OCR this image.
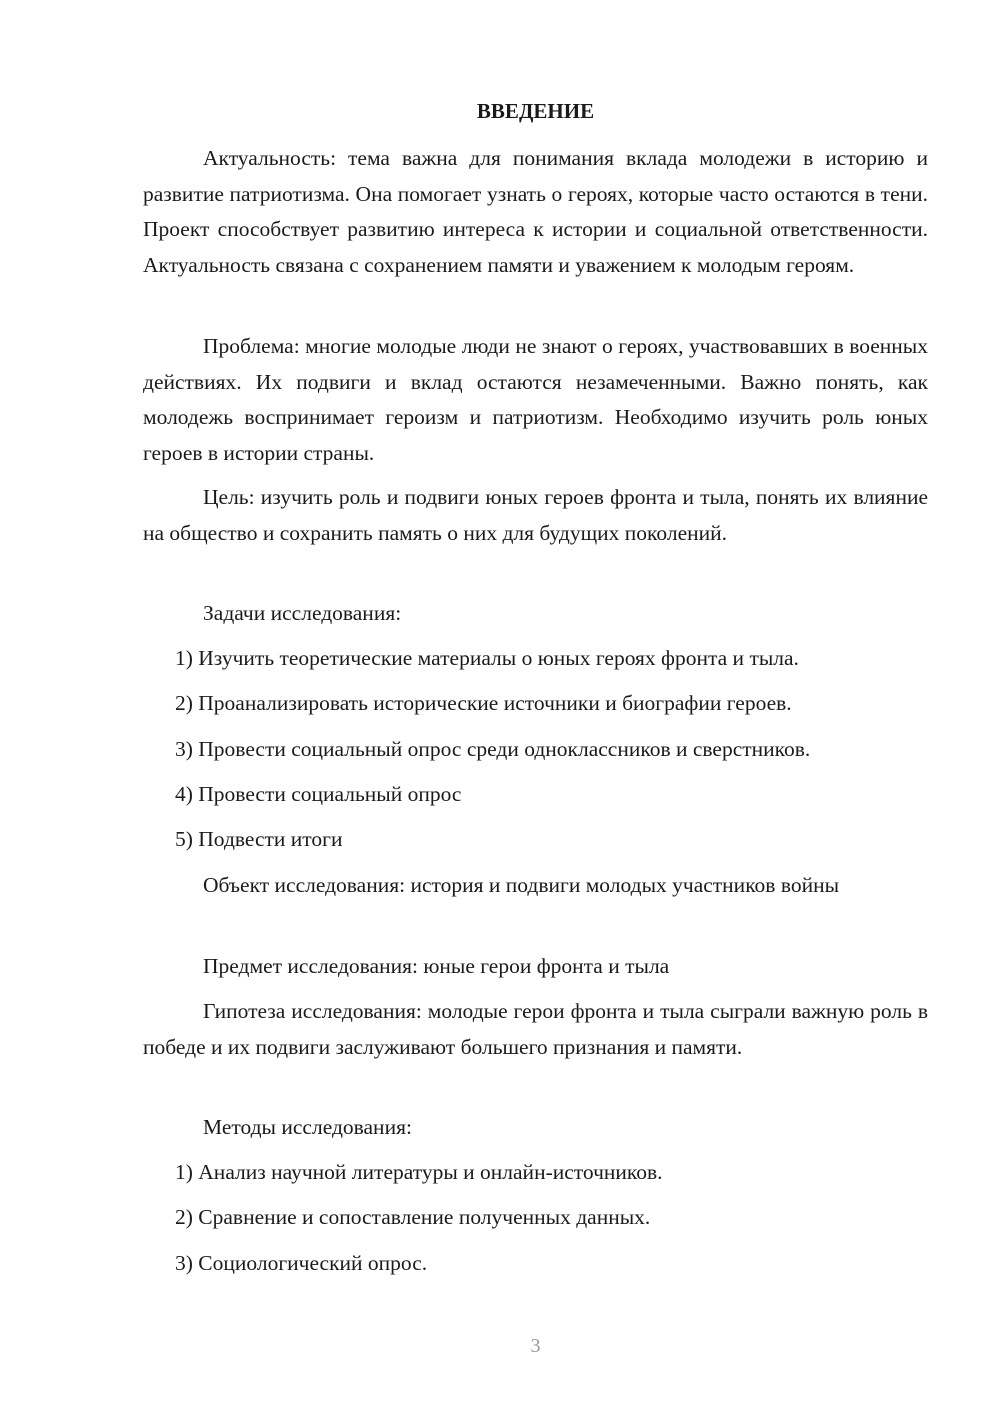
ВВЕДЕНИЕ

Актуальность: тема важна для понимания вклада молодежи в историю и развитие патриотизма. Она помогает узнать о героях, которые часто остаются в тени. Проект способствует развитию интереса к истории и социальной ответственности. Актуальность связана с сохранением памяти и уважением к молодым героям.

Проблема: многие молодые люди не знают о героях, участвовавших в военных действиях. Их подвиги и вклад остаются незамеченными. Важно понять, как молодежь воспринимает героизм и патриотизм. Необходимо изучить роль юных героев в истории страны.

Цель: изучить роль и подвиги юных героев фронта и тыла, понять их влияние на общество и сохранить память о них для будущих поколений.

Задачи исследования:

1) Изучить теоретические материалы о юных героях фронта и тыла.

2) Проанализировать исторические источники и биографии героев.

3) Провести социальный опрос среди одноклассников и сверстников.

4) Провести социальный опрос

5) Подвести итоги

Объект исследования: история и подвиги молодых участников войны

Предмет исследования: юные герои фронта и тыла

Гипотеза исследования: молодые герои фронта и тыла сыграли важную роль в победе и их подвиги заслуживают большего признания и памяти.

Методы исследования:

1) Анализ научной литературы и онлайн-источников.

2) Сравнение и сопоставление полученных данных.

3) Социологический опрос.

3
